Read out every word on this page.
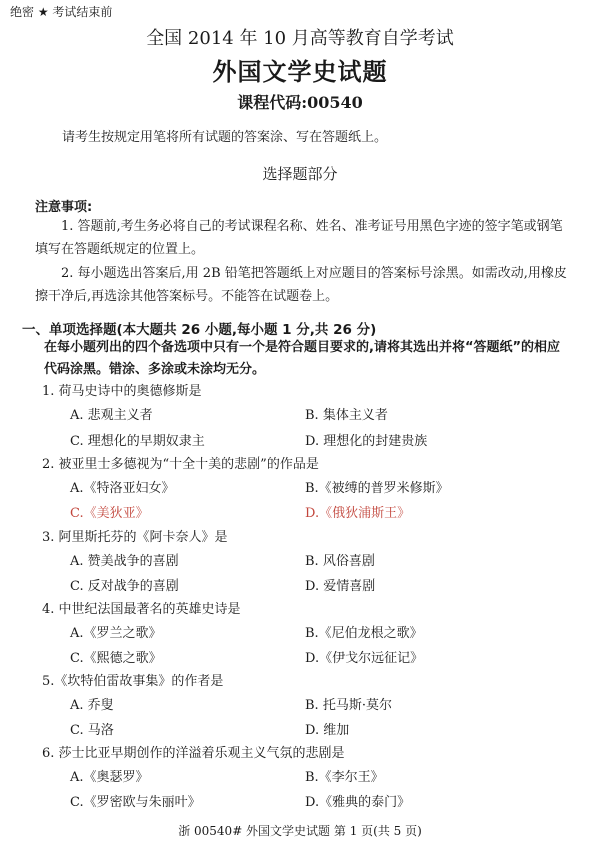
绝密 ★ 考试结束前
全国 2014 年 10 月高等教育自学考试
外国文学史试题
课程代码:00540
请考生按规定用笔将所有试题的答案涂、写在答题纸上。
选择题部分
注意事项:
1. 答题前,考生务必将自己的考试课程名称、姓名、准考证号用黑色字迹的签字笔或钢笔填写在答题纸规定的位置上。
2. 每小题选出答案后,用 2B 铅笔把答题纸上对应题目的答案标号涂黑。如需改动,用橡皮擦干净后,再选涂其他答案标号。不能答在试题卷上。
一、单项选择题(本大题共 26 小题,每小题 1 分,共 26 分)
在每小题列出的四个备选项中只有一个是符合题目要求的,请将其选出并将“答题纸”的相应代码涂黑。错涂、多涂或未涂均无分。
1. 荷马史诗中的奥德修斯是
A. 悲观主义者	B. 集体主义者
C. 理想化的早期奴隶主	D. 理想化的封建贵族
2. 被亚里士多德视为“十全十美的悲剧”的作品是
A.《特洛亚妇女》	B.《被缚的普罗米修斯》
C.《美狄亚》	D.《俄狄浦斯王》
3. 阿里斯托芬的《阿卡奈人》是
A. 赞美战争的喜剧	B. 风俗喜剧
C. 反对战争的喜剧	D. 爱情喜剧
4. 中世纪法国最著名的英雄史诗是
A.《罗兰之歌》	B.《尼伯龙根之歌》
C.《熙德之歌》	D.《伊戈尔远征记》
5.《坎特伯雷故事集》的作者是
A. 乔叟	B. 托马斯·莫尔
C. 马洛	D. 维加
6. 莎士比亚早期创作的洋溢着乐观主义气氛的悲剧是
A.《奥瑟罗》	B.《李尔王》
C.《罗密欧与朱丽叶》	D.《雅典的泰门》
浙 00540# 外国文学史试题 第 1 页(共 5 页)
